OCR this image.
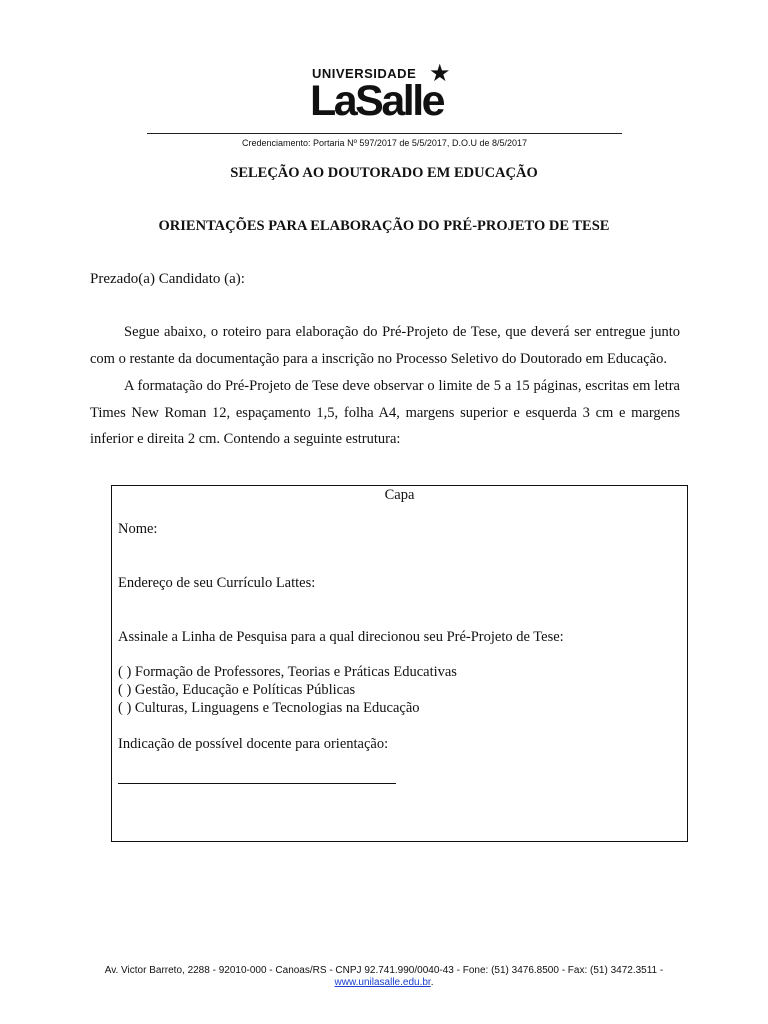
UNIVERSIDADE ★
LaSalle
Credenciamento: Portaria Nº 597/2017 de 5/5/2017, D.O.U de 8/5/2017
SELEÇÃO AO DOUTORADO EM EDUCAÇÃO
ORIENTAÇÕES PARA ELABORAÇÃO DO PRÉ-PROJETO DE TESE
Prezado(a) Candidato (a):
Segue abaixo, o roteiro para elaboração do Pré-Projeto de Tese, que deverá ser entregue junto com o restante da documentação para a inscrição no Processo Seletivo do Doutorado em Educação.
A formatação do Pré-Projeto de Tese deve observar o limite de 5 a 15 páginas, escritas em letra Times New Roman 12, espaçamento 1,5, folha A4, margens superior e esquerda 3 cm e margens inferior e direita 2 cm. Contendo a seguinte estrutura:
Capa
Nome:
Endereço de seu Currículo Lattes:
Assinale a Linha de Pesquisa para a qual direcionou seu Pré-Projeto de Tese:
( ) Formação de Professores, Teorias e Práticas Educativas
( ) Gestão, Educação e Políticas Públicas
( ) Culturas, Linguagens e Tecnologias na Educação
Indicação de possível docente para orientação:
Av. Victor Barreto, 2288 - 92010-000 - Canoas/RS - CNPJ 92.741.990/0040-43 - Fone: (51) 3476.8500 - Fax: (51) 3472.3511 -
www.unilasalle.edu.br.
